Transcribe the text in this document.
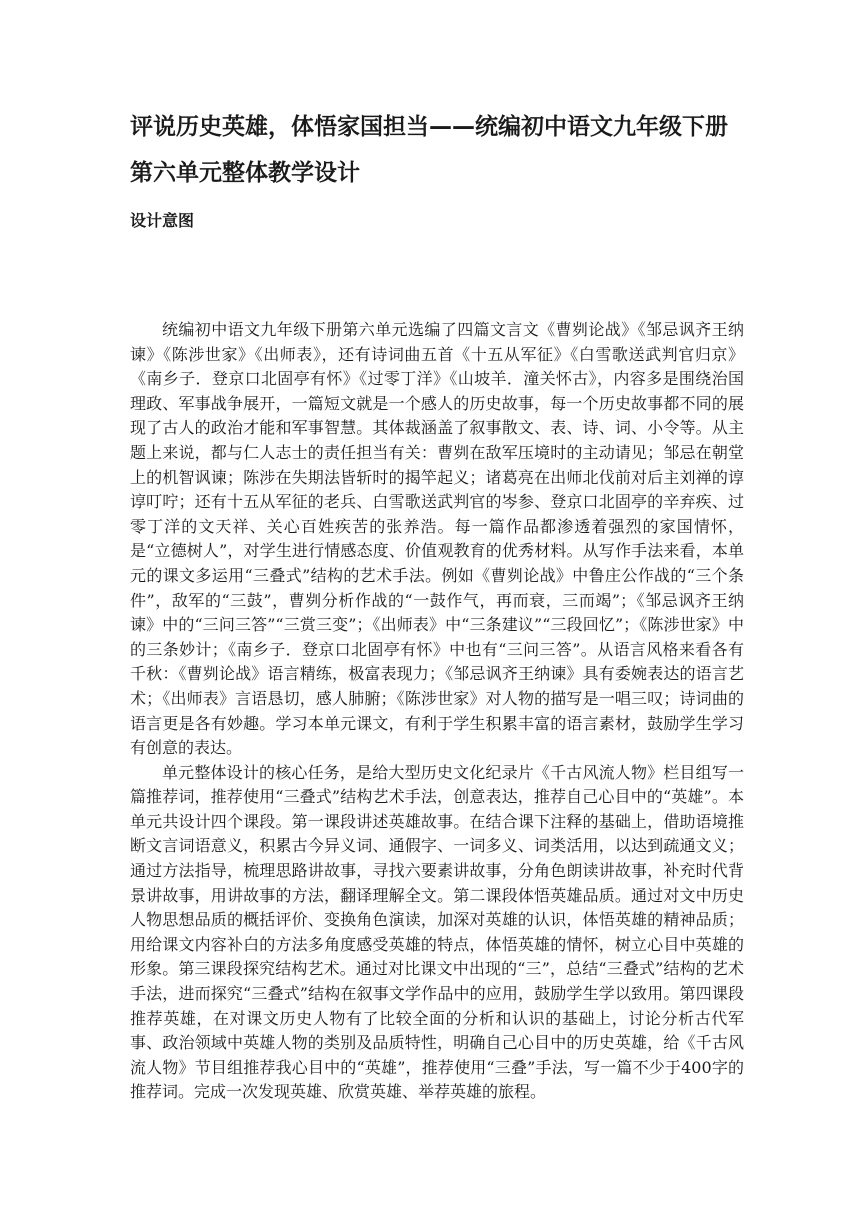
评说历史英雄，体悟家国担当——统编初中语文九年级下册第六单元整体教学设计
设计意图

统编初中语文九年级下册第六单元选编了四篇文言文《曹刿论战》《邹忌讽齐王纳谏》《陈涉世家》《出师表》，还有诗词曲五首《十五从军征》《白雪歌送武判官归京》《南乡子．登京口北固亭有怀》《过零丁洋》《山坡羊．潼关怀古》，内容多是围绕治国理政、军事战争展开，一篇短文就是一个感人的历史故事，每一个历史故事都不同的展现了古人的政治才能和军事智慧。其体裁涵盖了叙事散文、表、诗、词、小令等。从主题上来说，都与仁人志士的责任担当有关：曹刿在敌军压境时的主动请见；邹忌在朝堂上的机智讽谏；陈涉在失期法皆斩时的揭竿起义；诸葛亮在出师北伐前对后主刘禅的谆谆叮咛；还有十五从军征的老兵、白雪歌送武判官的岑参、登京口北固亭的辛弃疾、过零丁洋的文天祥、关心百姓疾苦的张养浩。每一篇作品都渗透着强烈的家国情怀，是“立德树人”，对学生进行情感态度、价值观教育的优秀材料。从写作手法来看，本单元的课文多运用“三叠式”结构的艺术手法。例如《曹刿论战》中鲁庄公作战的“三个条件”，敌军的“三鼓”，曹刿分析作战的“一鼓作气，再而衰，三而竭”；《邹忌讽齐王纳谏》中的“三问三答”“三赏三变”；《出师表》中“三条建议”“三段回忆”；《陈涉世家》中的三条妙计；《南乡子．登京口北固亭有怀》中也有“三问三答”。从语言风格来看各有千秋：《曹刿论战》语言精练，极富表现力；《邹忌讽齐王纳谏》具有委婉表达的语言艺术；《出师表》言语恳切，感人肺腑；《陈涉世家》对人物的描写是一唱三叹；诗词曲的语言更是各有妙趣。学习本单元课文，有利于学生积累丰富的语言素材，鼓励学生学习有创意的表达。

单元整体设计的核心任务，是给大型历史文化纪录片《千古风流人物》栏目组写一篇推荐词，推荐使用“三叠式”结构艺术手法，创意表达，推荐自己心目中的“英雄”。本单元共设计四个课段。第一课段讲述英雄故事。在结合课下注释的基础上，借助语境推断文言词语意义，积累古今异义词、通假字、一词多义、词类活用，以达到疏通文义；通过方法指导，梳理思路讲故事，寻找六要素讲故事，分角色朗读讲故事，补充时代背景讲故事，用讲故事的方法，翻译理解全文。第二课段体悟英雄品质。通过对文中历史人物思想品质的概括评价、变换角色演读，加深对英雄的认识，体悟英雄的精神品质；用给课文内容补白的方法多角度感受英雄的特点，体悟英雄的情怀，树立心目中英雄的形象。第三课段探究结构艺术。通过对比课文中出现的“三”，总结“三叠式”结构的艺术手法，进而探究“三叠式”结构在叙事文学作品中的应用，鼓励学生学以致用。第四课段推荐英雄，在对课文历史人物有了比较全面的分析和认识的基础上，讨论分析古代军事、政治领域中英雄人物的类别及品质特性，明确自己心目中的历史英雄，给《千古风流人物》节目组推荐我心目中的“英雄”，推荐使用“三叠”手法，写一篇不少于400字的推荐词。完成一次发现英雄、欣赏英雄、举荐英雄的旅程。
